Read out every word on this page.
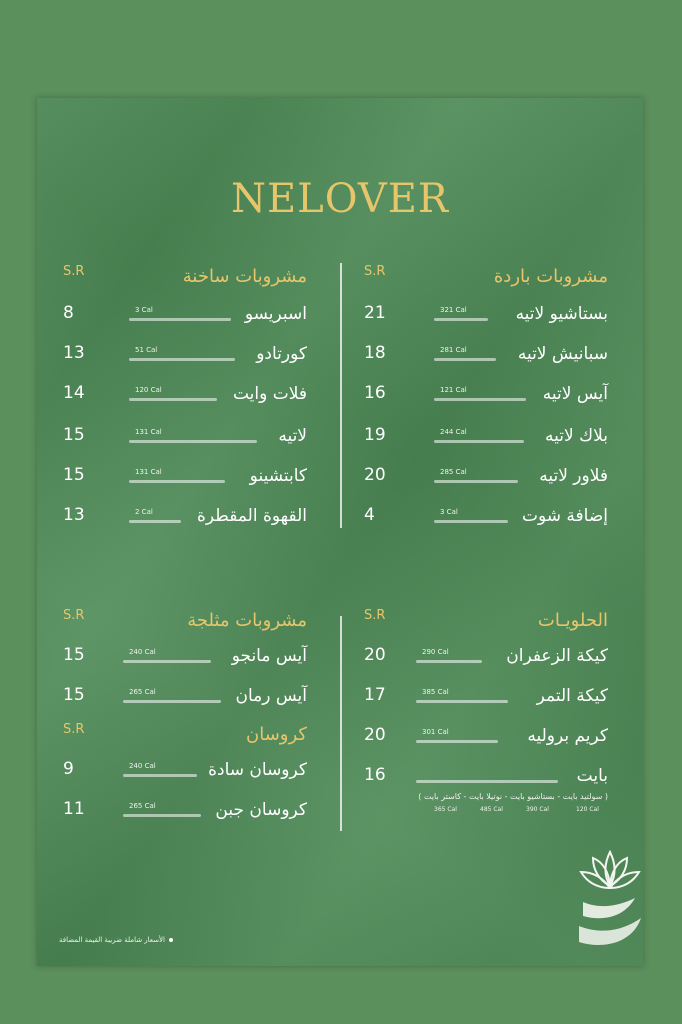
NELOVER
مشروبات باردة
S.R
بستاشيو لاتيه
321 Cal
21
سبانيش لاتيه
281 Cal
18
آيس لاتيه
121 Cal
16
بلاك لاتيه
244 Cal
19
فلاور لاتيه
285 Cal
20
إضافة شوت
3 Cal
4
مشروبات ساخنة
S.R
اسبريسو
3 Cal
8
كورتادو
51 Cal
13
فلات وايت
120 Cal
14
لاتيه
131 Cal
15
كابتشينو
131 Cal
15
القهوة المقطرة
2 Cal
13
الحلويـات
S.R
كيكة الزعفران
290 Cal
20
كيكة التمر
385 Cal
17
كريم بروليه
301 Cal
20
بايت
16
( سولتيد بايت - بستاشيو بايت - نوتيلا بايت - كاستر بايت )
120 Cal
390 Cal
485 Cal
365 Cal
مشروبات مثلجة
S.R
آيس مانجو
240 Cal
15
آيس رمان
265 Cal
15
كروسان
S.R
كروسان سادة
240 Cal
9
كروسان جبن
265 Cal
11
الأسعار شاملة ضريبة القيمة المضافة
